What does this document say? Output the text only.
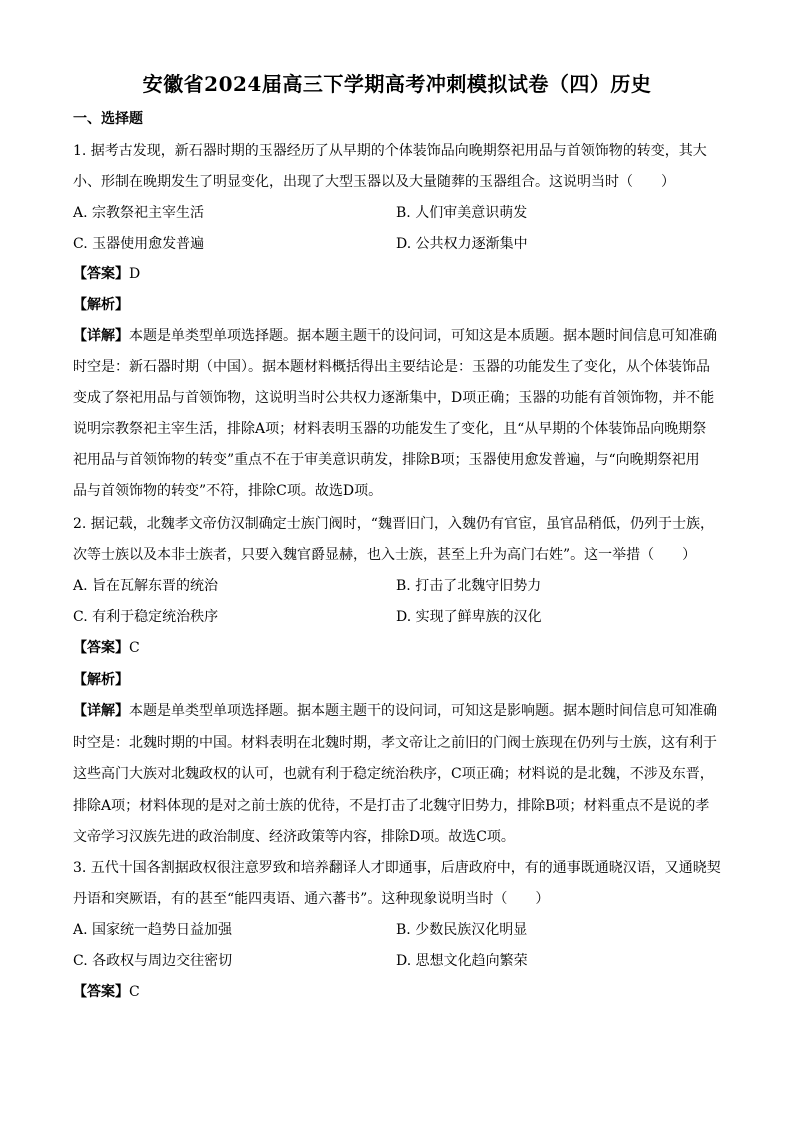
安徽省2024届高三下学期高考冲刺模拟试卷（四）历史
一、选择题
1. 据考古发现，新石器时期的玉器经历了从早期的个体装饰品向晚期祭祀用品与首领饰物的转变，其大
小、形制在晚期发生了明显变化，出现了大型玉器以及大量随葬的玉器组合。这说明当时（　　）
A. 宗教祭祀主宰生活	B. 人们审美意识萌发
C. 玉器使用愈发普遍	D. 公共权力逐渐集中
【答案】D
【解析】
【详解】本题是单类型单项选择题。据本题主题干的设问词，可知这是本质题。据本题时间信息可知准确
时空是：新石器时期（中国）。据本题材料概括得出主要结论是：玉器的功能发生了变化，从个体装饰品
变成了祭祀用品与首领饰物，这说明当时公共权力逐渐集中，D项正确；玉器的功能有首领饰物，并不能
说明宗教祭祀主宰生活，排除A项；材料表明玉器的功能发生了变化，且“从早期的个体装饰品向晚期祭
祀用品与首领饰物的转变”重点不在于审美意识萌发，排除B项；玉器使用愈发普遍，与“向晚期祭祀用
品与首领饰物的转变”不符，排除C项。故选D项。
2. 据记载，北魏孝文帝仿汉制确定士族门阀时，“魏晋旧门，入魏仍有官宦，虽官品稍低，仍列于士族，
次等士族以及本非士族者，只要入魏官爵显赫，也入士族，甚至上升为高门右姓”。这一举措（　　）
A. 旨在瓦解东晋的统治	B. 打击了北魏守旧势力
C. 有利于稳定统治秩序	D. 实现了鲜卑族的汉化
【答案】C
【解析】
【详解】本题是单类型单项选择题。据本题主题干的设问词，可知这是影响题。据本题时间信息可知准确
时空是：北魏时期的中国。材料表明在北魏时期，孝文帝让之前旧的门阀士族现在仍列与士族，这有利于
这些高门大族对北魏政权的认可，也就有利于稳定统治秩序，C项正确；材料说的是北魏，不涉及东晋，
排除A项；材料体现的是对之前士族的优待，不是打击了北魏守旧势力，排除B项；材料重点不是说的孝
文帝学习汉族先进的政治制度、经济政策等内容，排除D项。故选C项。
3. 五代十国各割据政权很注意罗致和培养翻译人才即通事，后唐政府中，有的通事既通晓汉语，又通晓契
丹语和突厥语，有的甚至“能四夷语、通六蕃书”。这种现象说明当时（　　）
A. 国家统一趋势日益加强	B. 少数民族汉化明显
C. 各政权与周边交往密切	D. 思想文化趋向繁荣
【答案】C
